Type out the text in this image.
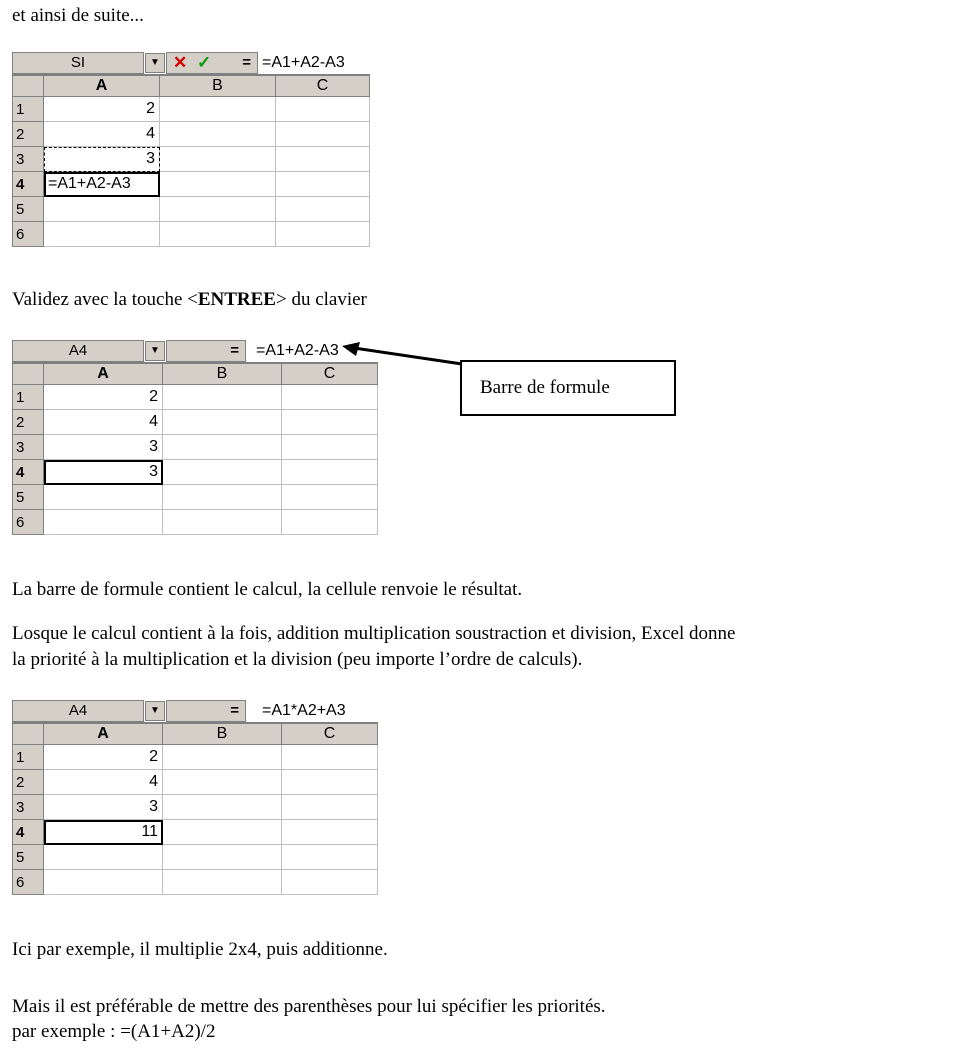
et ainsi de suite...
SI	▼ ✕ ✓ = =A1+A2-A3
	A	B	C
1	2		
2	4		
3	3		
4	=A1+A2-A3		
5			
6			
Validez avec la touche <ENTREE> du clavier
A4	▼	= =A1+A2-A3
	A	B	C
1	2		
2	4		
3	3		
4	3		
5			
6			
Barre de formule
La barre de formule contient le calcul, la cellule renvoie le résultat.
Losque le calcul contient à la fois, addition multiplication soustraction et division, Excel donne
la priorité à la multiplication et la division (peu importe l’ordre de calculs).
A4	▼	= =A1*A2+A3
	A	B	C
1	2		
2	4		
3	3		
4	11		
5			
6			
Ici par exemple, il multiplie 2x4, puis additionne.
Mais il est préférable de mettre des parenthèses pour lui spécifier les priorités.
par exemple : =(A1+A2)/2
